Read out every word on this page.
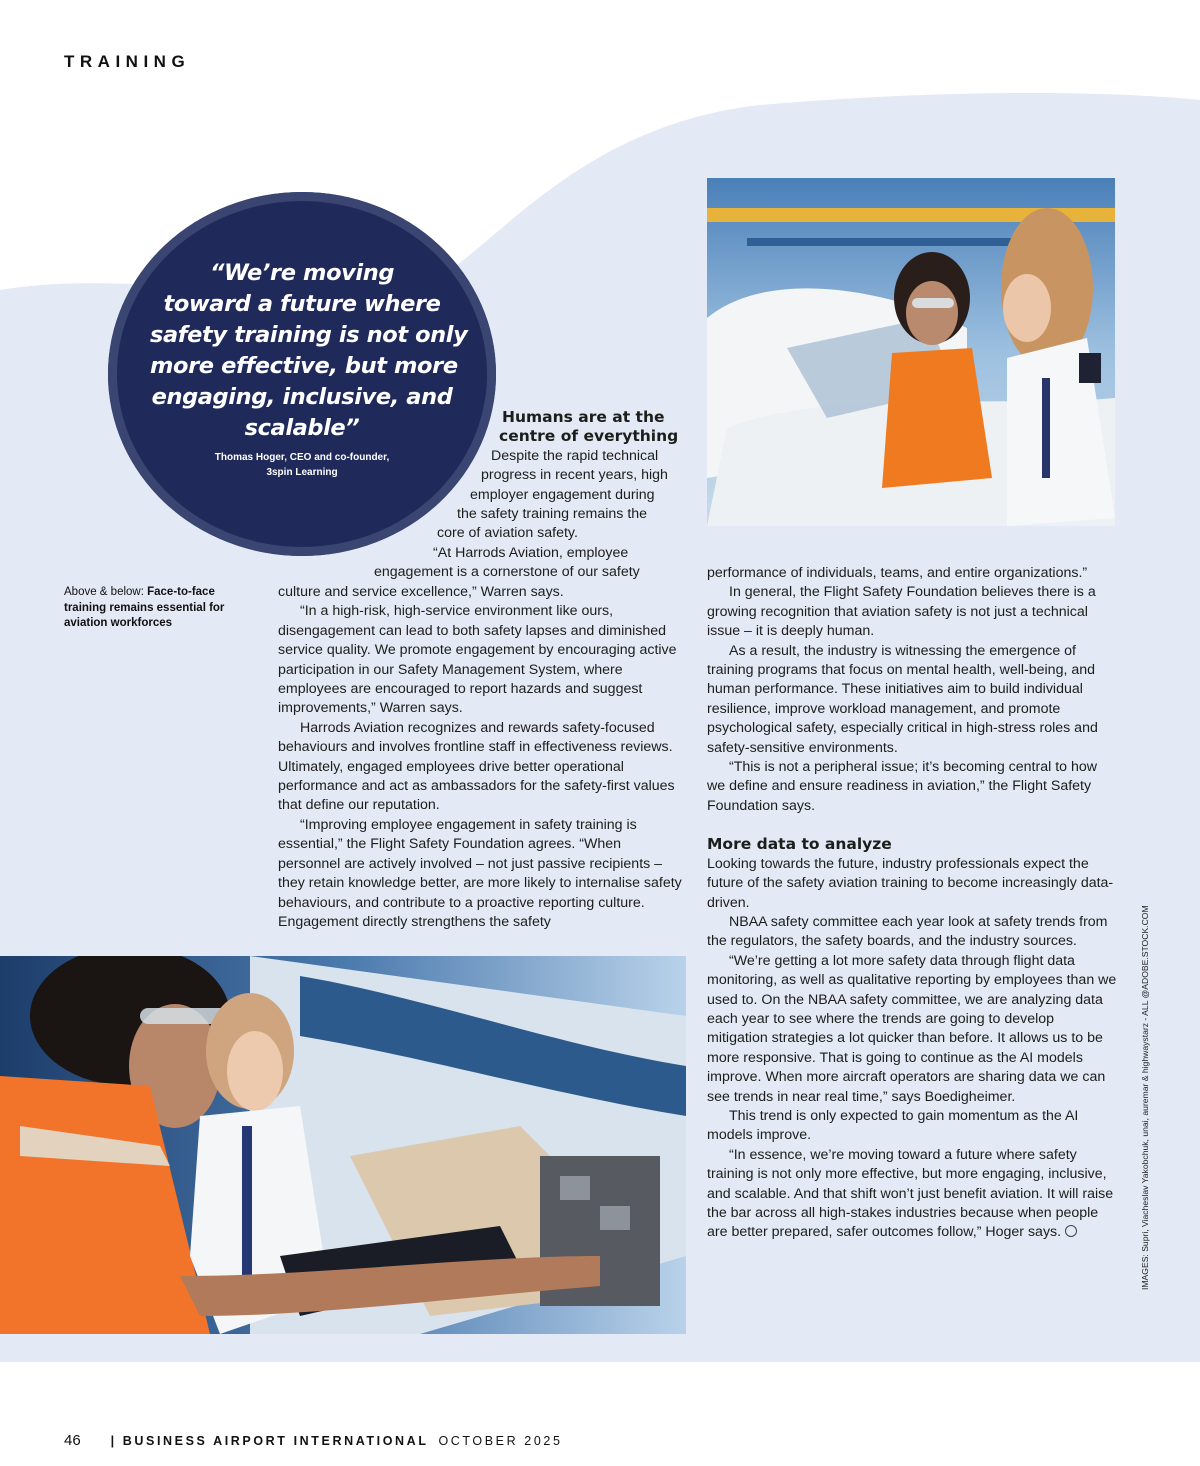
TRAINING
“We’re moving
toward a future where
safety training is not only
more effective, but more
engaging, inclusive, and
scalable”
Thomas Hoger, CEO and co-founder,
3spin Learning
Above & below: Face-to-face training remains essential for aviation workforces
Humans are at the
centre of everything
Despite the rapid technical
progress in recent years, high
employer engagement during
the safety training remains the
core of aviation safety.
“At Harrods Aviation, employee
engagement is a cornerstone of our safety

culture and service excellence,” Warren says.

“In a high-risk, high-service environment like ours, disengagement can lead to both safety lapses and diminished service quality. We promote engagement by encouraging active participation in our Safety Management System, where employees are encouraged to report hazards and suggest improvements,” Warren says.

Harrods Aviation recognizes and rewards safety-focused behaviours and involves frontline staff in effectiveness reviews. Ultimately, engaged employees drive better operational performance and act as ambassadors for the safety-first values that define our reputation.

“Improving employee engagement in safety training is essential,” the Flight Safety Foundation agrees. “When personnel are actively involved – not just passive recipients – they retain knowledge better, are more likely to internalise safety behaviours, and contribute to a proactive reporting culture. Engagement directly strengthens the safety

performance of individuals, teams, and entire organizations.”

In general, the Flight Safety Foundation believes there is a growing recognition that aviation safety is not just a technical issue – it is deeply human.

As a result, the industry is witnessing the emergence of training programs that focus on mental health, well-being, and human performance. These initiatives aim to build individual resilience, improve workload management, and promote psychological safety, especially critical in high-stress roles and safety-sensitive environments.

“This is not a peripheral issue; it’s becoming central to how we define and ensure readiness in aviation,” the Flight Safety Foundation says.

More data to analyze

Looking towards the future, industry professionals expect the future of the safety aviation training to become increasingly data-driven.

NBAA safety committee each year look at safety trends from the regulators, the safety boards, and the industry sources.

“We’re getting a lot more safety data through flight data monitoring, as well as qualitative reporting by employees than we used to. On the NBAA safety committee, we are analyzing data each year to see where the trends are going to develop mitigation strategies a lot quicker than before. It allows us to be more responsive. That is going to continue as the AI models improve. When more aircraft operators are sharing data we can see trends in near real time,” says Boedigheimer.

This trend is only expected to gain momentum as the AI models improve.

“In essence, we’re moving toward a future where safety training is not only more effective, but more engaging, inclusive, and scalable. And that shift won’t just benefit aviation. It will raise the bar across all high-stakes industries because when people are better prepared, safer outcomes follow,” Hoger says.	IMAGES: Supri, Viacheslav Yakobchuk, unai, auremar & highwaystarz - ALL @ADOBE.STOCK.COM
46 | BUSINESS AIRPORT INTERNATIONAL OCTOBER 2025
